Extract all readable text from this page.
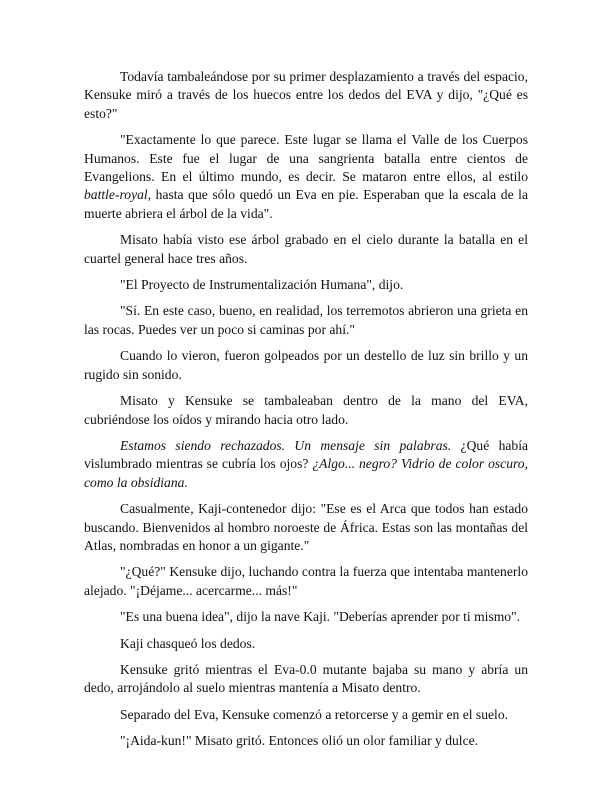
Todavía tambaleándose por su primer desplazamiento a través del espacio, Kensuke miró a través de los huecos entre los dedos del EVA y dijo, "¿Qué es esto?"

"Exactamente lo que parece. Este lugar se llama el Valle de los Cuerpos Humanos. Este fue el lugar de una sangrienta batalla entre cientos de Evangelions. En el último mundo, es decir. Se mataron entre ellos, al estilo battle-royal, hasta que sólo quedó un Eva en pie. Esperaban que la escala de la muerte abriera el árbol de la vida".

Misato había visto ese árbol grabado en el cielo durante la batalla en el cuartel general hace tres años.

"El Proyecto de Instrumentalización Humana", dijo.

"Sí. En este caso, bueno, en realidad, los terremotos abrieron una grieta en las rocas. Puedes ver un poco si caminas por ahí."

Cuando lo vieron, fueron golpeados por un destello de luz sin brillo y un rugido sin sonido.

Misato y Kensuke se tambaleaban dentro de la mano del EVA, cubriéndose los oídos y mirando hacia otro lado.

Estamos siendo rechazados. Un mensaje sin palabras. ¿Qué había vislumbrado mientras se cubría los ojos? ¿Algo... negro? Vidrio de color oscuro, como la obsidiana.

Casualmente, Kaji-contenedor dijo: "Ese es el Arca que todos han estado buscando. Bienvenidos al hombro noroeste de África. Estas son las montañas del Atlas, nombradas en honor a un gigante."

"¿Qué?" Kensuke dijo, luchando contra la fuerza que intentaba mantenerlo alejado. "¡Déjame... acercarme... más!"

"Es una buena idea", dijo la nave Kaji. "Deberías aprender por ti mismo".

Kaji chasqueó los dedos.

Kensuke gritó mientras el Eva-0.0 mutante bajaba su mano y abría un dedo, arrojándolo al suelo mientras mantenía a Misato dentro.

Separado del Eva, Kensuke comenzó a retorcerse y a gemir en el suelo.

"¡Aida-kun!" Misato gritó. Entonces olió un olor familiar y dulce.
